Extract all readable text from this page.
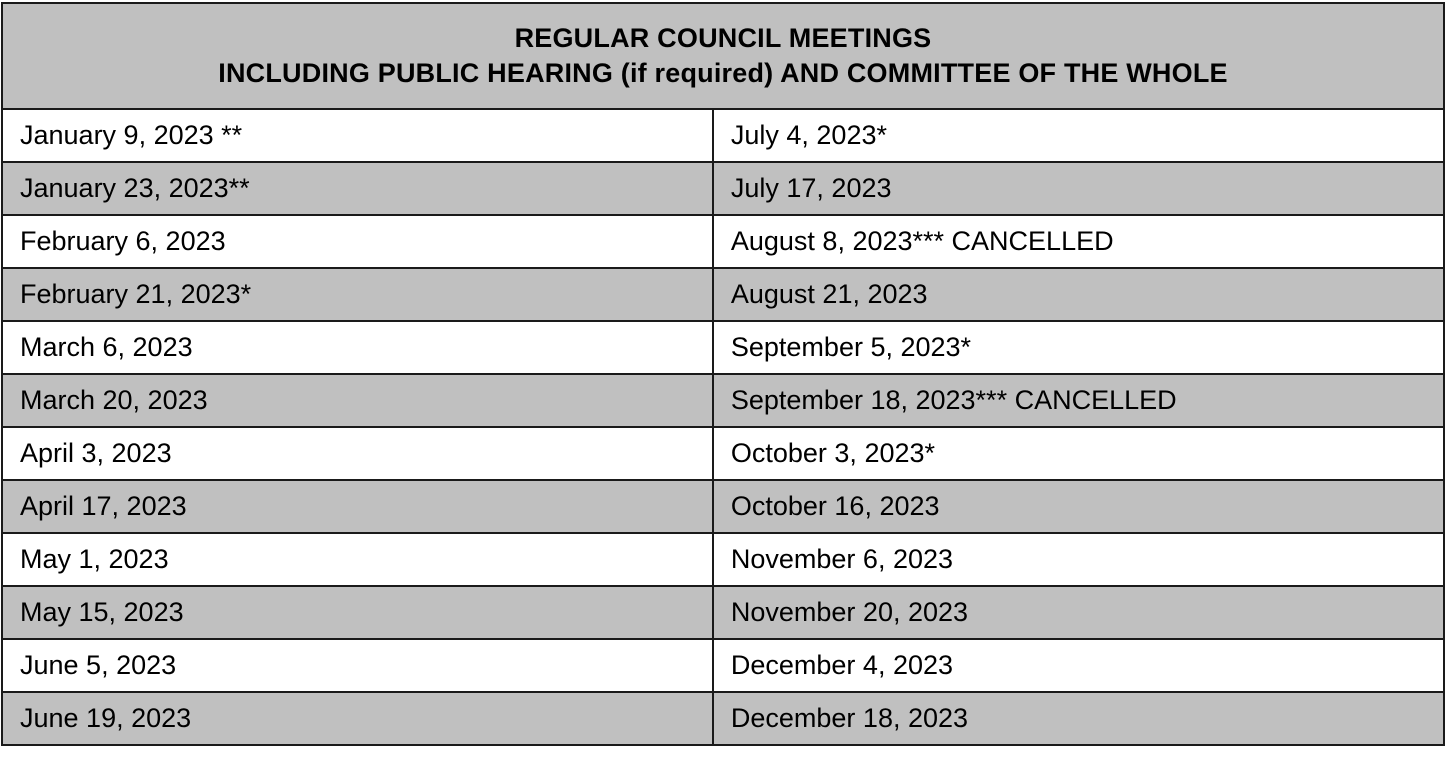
REGULAR COUNCIL MEETINGS
INCLUDING PUBLIC HEARING (if required) AND COMMITTEE OF THE WHOLE	

January 9, 2023 **	July 4, 2023*
January 23, 2023**	July 17, 2023
February 6, 2023	August 8, 2023*** CANCELLED
February 21, 2023*	August 21, 2023
March 6, 2023	September 5, 2023*
March 20, 2023	September 18, 2023*** CANCELLED
April 3, 2023	October 3, 2023*
April 17, 2023	October 16, 2023
May 1, 2023	November 6, 2023
May 15, 2023	November 20, 2023
June 5, 2023	December 4, 2023
June 19, 2023	December 18, 2023
